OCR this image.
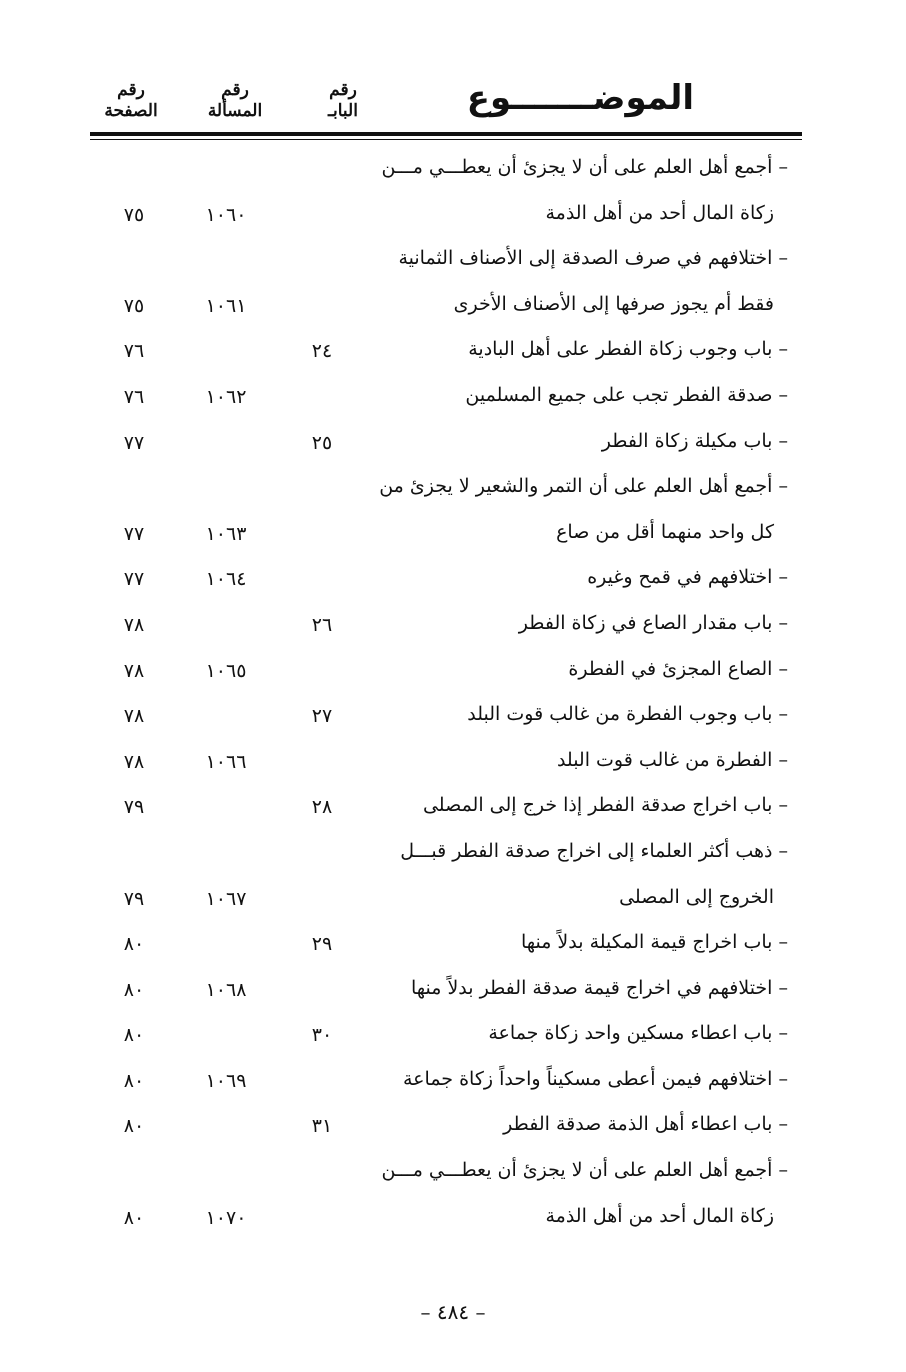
الموضـــــــوع
رقم
البابـ
رقم
المسألة
رقم
الصفحة
– أجمع أهل العلم على أن لا يجزئ أن يعطـــي مـــن
زكاة المال أحد من أهل الذمة
١٠٦٠
٧٥
– اختلافهم في صرف الصدقة إلى الأصناف الثمانية
فقط أم يجوز صرفها إلى الأصناف الأخرى
١٠٦١
٧٥
– باب وجوب زكاة الفطر على أهل البادية
٢٤
٧٦
– صدقة الفطر تجب على جميع المسلمين
١٠٦٢
٧٦
– باب مكيلة زكاة الفطر
٢٥
٧٧
– أجمع أهل العلم على أن التمر والشعير لا يجزئ من
كل واحد منهما أقل من صاع
١٠٦٣
٧٧
– اختلافهم في قمح وغيره
١٠٦٤
٧٧
– باب مقدار الصاع في زكاة الفطر
٢٦
٧٨
– الصاع المجزئ في الفطرة
١٠٦٥
٧٨
– باب وجوب الفطرة من غالب قوت البلد
٢٧
٧٨
– الفطرة من غالب قوت البلد
١٠٦٦
٧٨
– باب اخراج صدقة الفطر إذا خرج إلى المصلى
٢٨
٧٩
– ذهب أكثر العلماء إلى اخراج صدقة الفطر قبـــل
الخروج إلى المصلى
١٠٦٧
٧٩
– باب اخراج قيمة المكيلة بدلاً منها
٢٩
٨٠
– اختلافهم في اخراج قيمة صدقة الفطر بدلاً منها
١٠٦٨
٨٠
– باب اعطاء مسكين واحد زكاة جماعة
٣٠
٨٠
– اختلافهم فيمن أعطى مسكيناً واحداً زكاة جماعة
١٠٦٩
٨٠
– باب اعطاء أهل الذمة صدقة الفطر
٣١
٨٠
– أجمع أهل العلم على أن لا يجزئ أن يعطـــي مـــن
زكاة المال أحد من أهل الذمة
١٠٧٠
٨٠
– ٤٨٤ –
